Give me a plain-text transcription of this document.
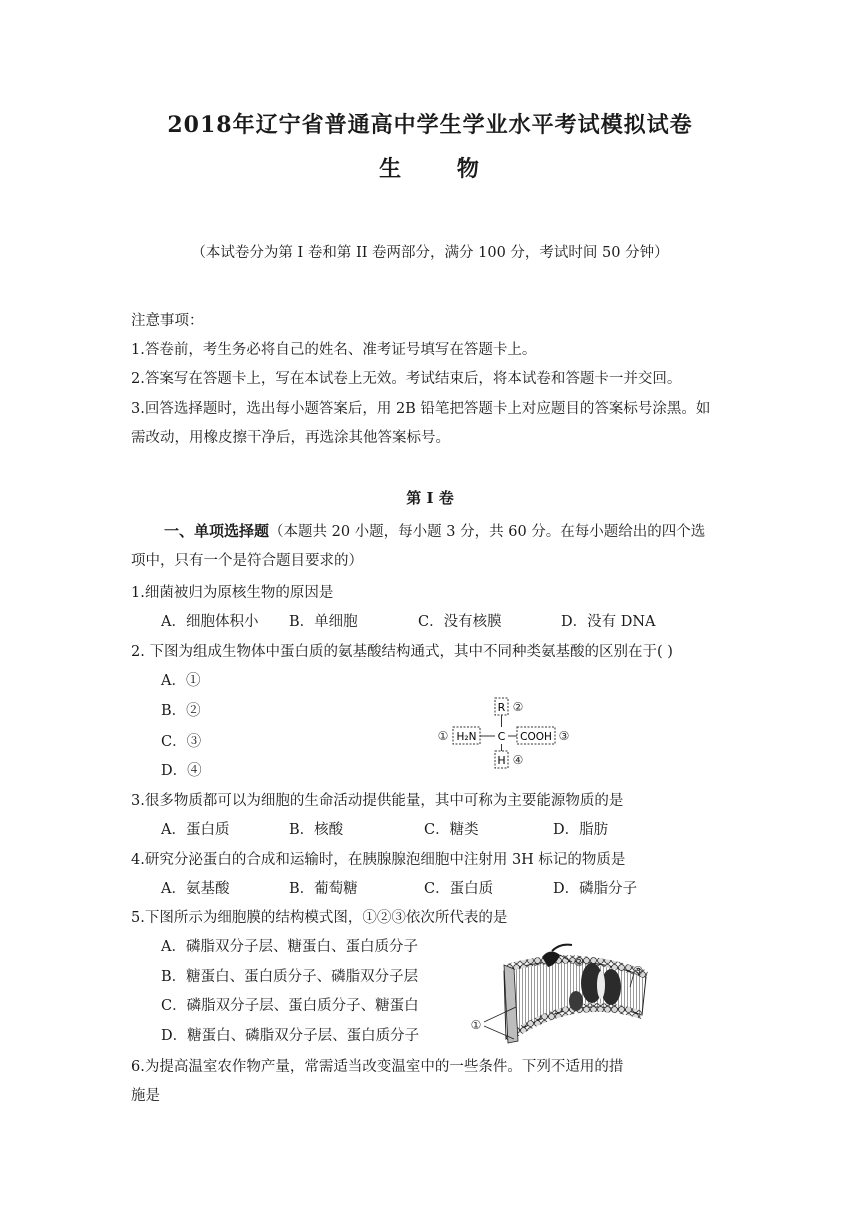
2018年辽宁省普通高中学生学业水平考试模拟试卷
生 物
（本试卷分为第 I 卷和第 II 卷两部分，满分 100 分，考试时间 50 分钟）
注意事项：
1.答卷前，考生务必将自己的姓名、准考证号填写在答题卡上。
2.答案写在答题卡上，写在本试卷上无效。考试结束后，将本试卷和答题卡一并交回。
3.回答选择题时，选出每小题答案后，用 2B 铅笔把答题卡上对应题目的答案标号涂黑。如
需改动，用橡皮擦干净后，再选涂其他答案标号。
第 I 卷
一、单项选择题（本题共 20 小题，每小题 3 分，共 60 分。在每小题给出的四个选
项中，只有一个是符合题目要求的）
1.细菌被归为原核生物的原因是
A．细胞体积小 B．单细胞	C．没有核膜	D．没有 DNA
2. 下图为组成生物体中蛋白质的氨基酸结构通式，其中不同种类氨基酸的区别在于( )
A．①
B．②
C．③
D．④
R ②
① H₂N C COOH ③
H ④
3.很多物质都可以为细胞的生命活动提供能量，其中可称为主要能源物质的是
A．蛋白质	B．核酸	C．糖类	D．脂肪
4.研究分泌蛋白的合成和运输时，在胰腺腺泡细胞中注射用 3H 标记的物质是
A．氨基酸	B．葡萄糖	C．蛋白质	D．磷脂分子
5.下图所示为细胞膜的结构模式图，①②③依次所代表的是
A．磷脂双分子层、糖蛋白、蛋白质分子
B．糖蛋白、蛋白质分子、磷脂双分子层
C．磷脂双分子层、蛋白质分子、糖蛋白
D．糖蛋白、磷脂双分子层、蛋白质分子
②
③
①
6.为提高温室农作物产量，常需适当改变温室中的一些条件。下列不适用的措
施是
